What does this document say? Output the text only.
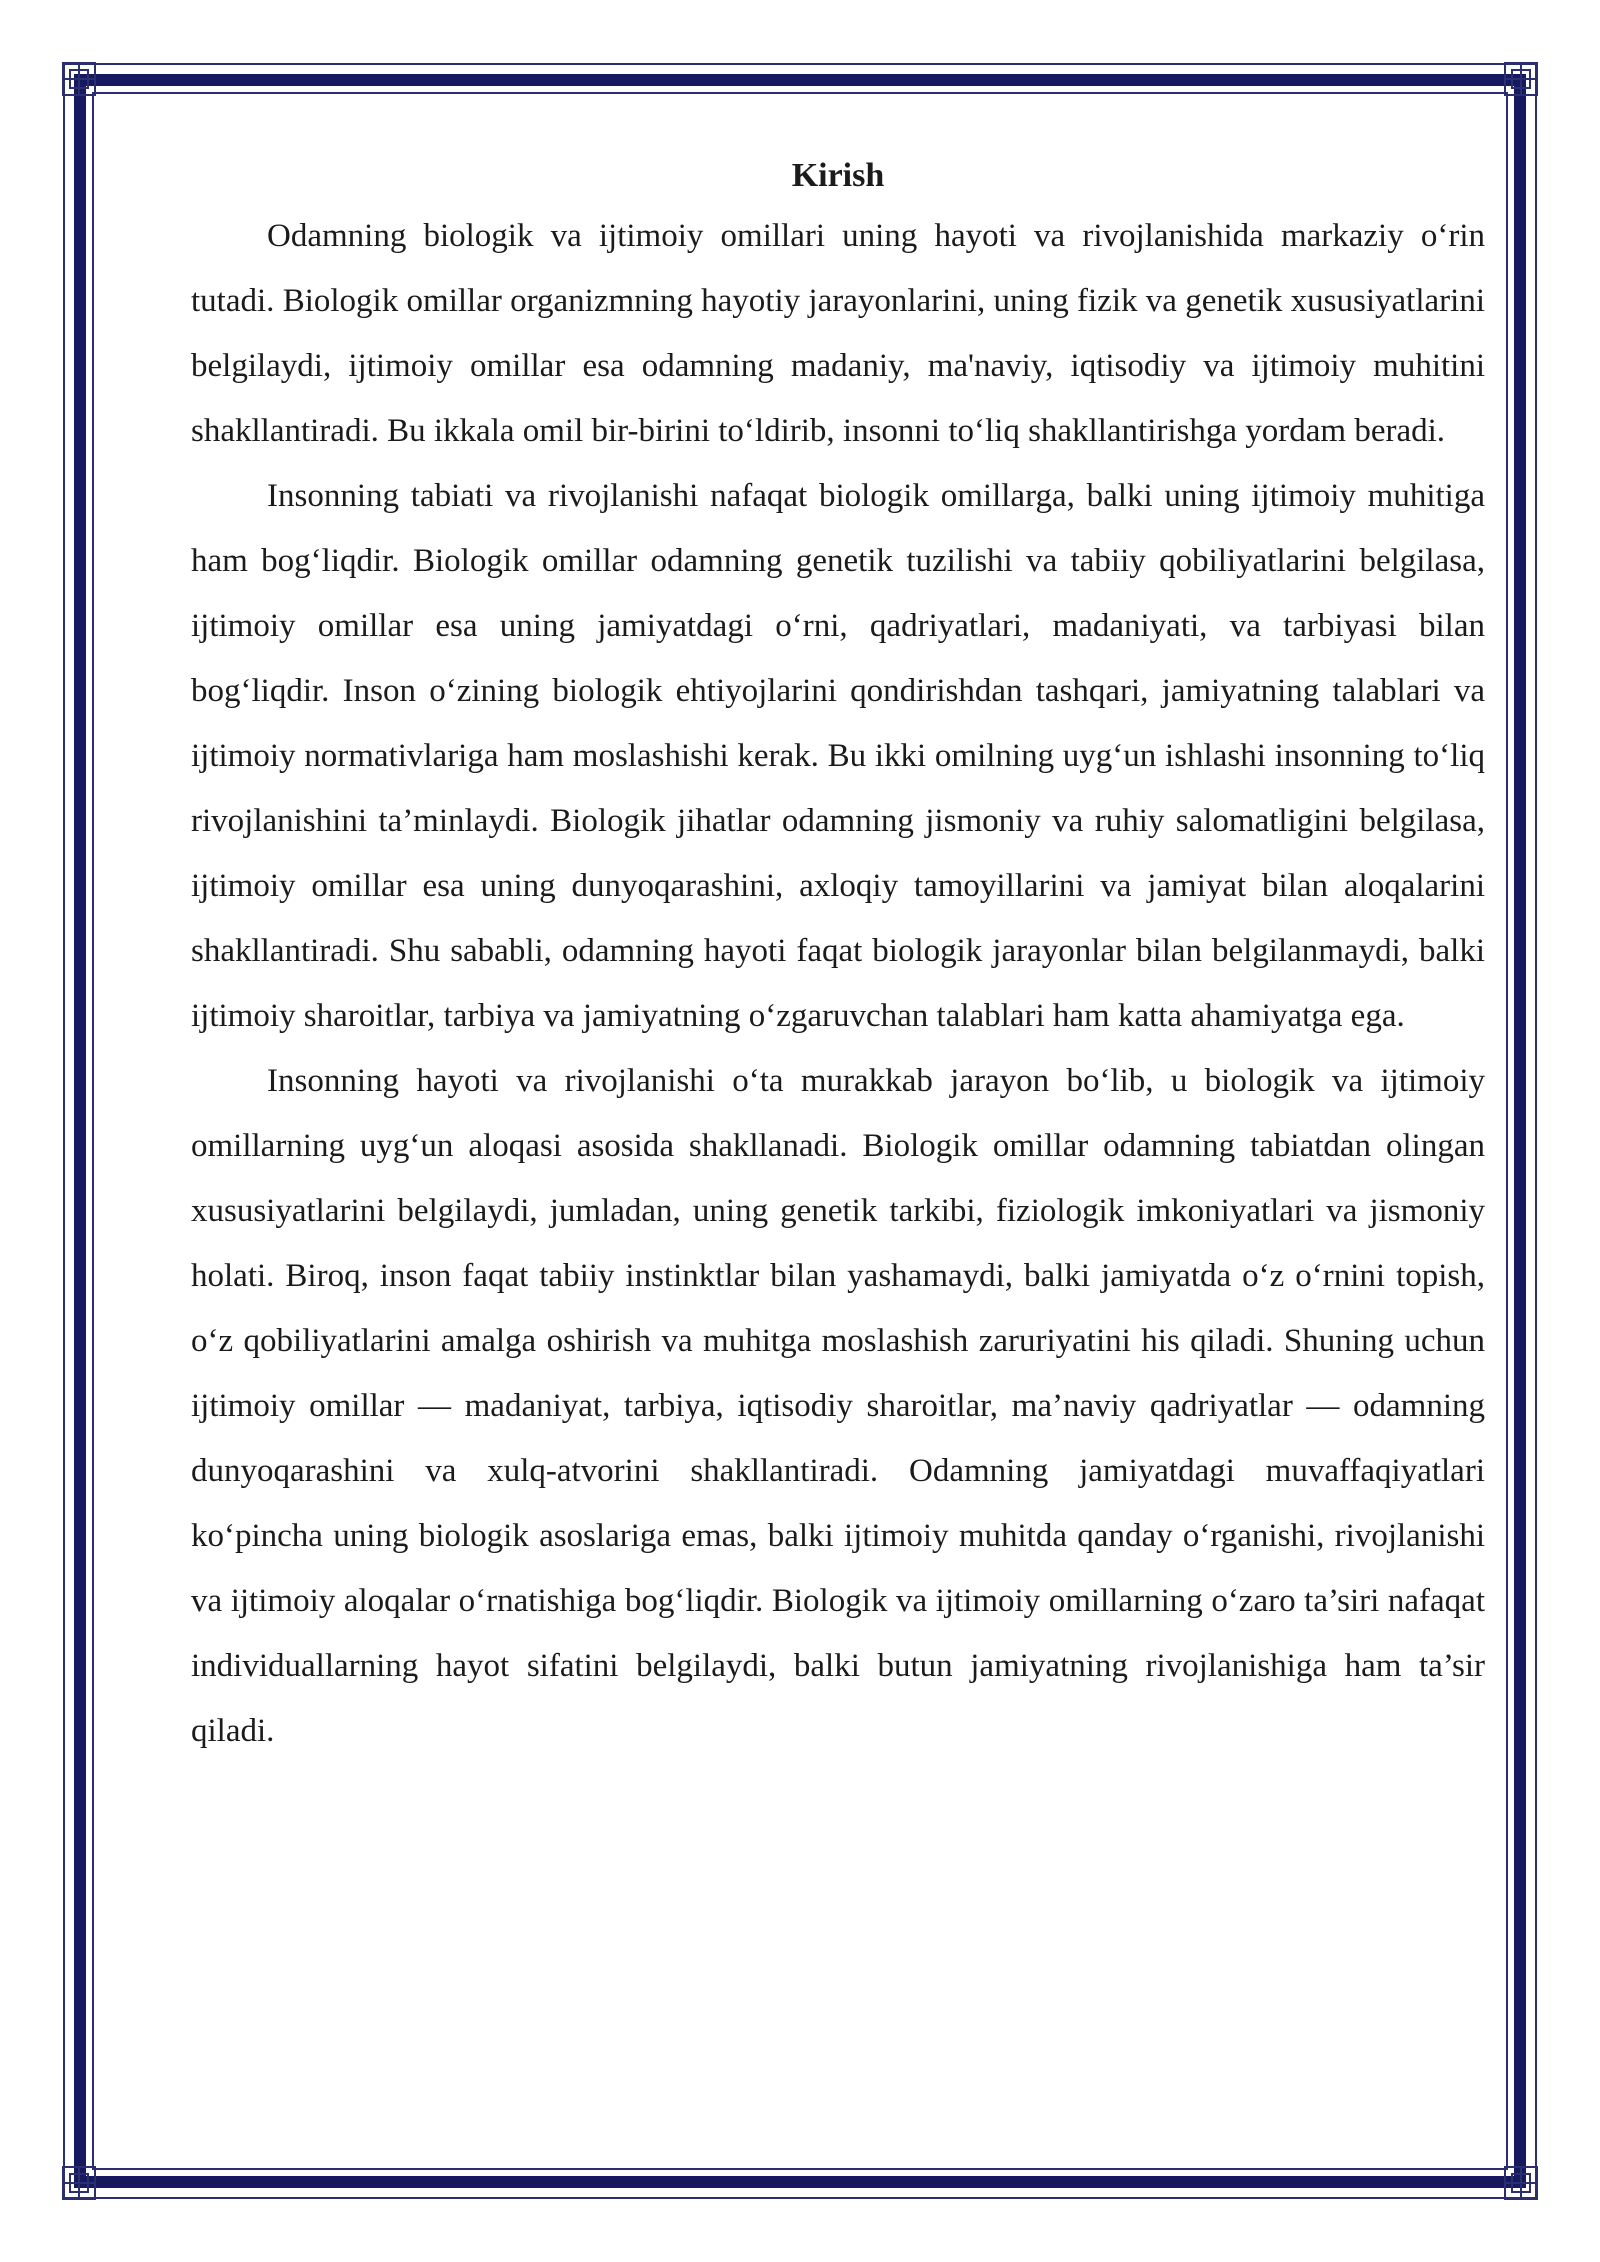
Kirish

Odamning biologik va ijtimoiy omillari uning hayoti va rivojlanishida markaziy o‘rin tutadi. Biologik omillar organizmning hayotiy jarayonlarini, uning fizik va genetik xususiyatlarini belgilaydi, ijtimoiy omillar esa odamning madaniy, ma'naviy, iqtisodiy va ijtimoiy muhitini shakllantiradi. Bu ikkala omil bir-birini to‘ldirib, insonni to‘liq shakllantirishga yordam beradi.

Insonning tabiati va rivojlanishi nafaqat biologik omillarga, balki uning ijtimoiy muhitiga ham bog‘liqdir. Biologik omillar odamning genetik tuzilishi va tabiiy qobiliyatlarini belgilasa, ijtimoiy omillar esa uning jamiyatdagi o‘rni, qadriyatlari, madaniyati, va tarbiyasi bilan bog‘liqdir. Inson o‘zining biologik ehtiyojlarini qondirishdan tashqari, jamiyatning talablari va ijtimoiy normativlariga ham moslashishi kerak. Bu ikki omilning uyg‘un ishlashi insonning to‘liq rivojlanishini ta’minlaydi. Biologik jihatlar odamning jismoniy va ruhiy salomatligini belgilasa, ijtimoiy omillar esa uning dunyoqarashini, axloqiy tamoyillarini va jamiyat bilan aloqalarini shakllantiradi. Shu sababli, odamning hayoti faqat biologik jarayonlar bilan belgilanmaydi, balki ijtimoiy sharoitlar, tarbiya va jamiyatning o‘zgaruvchan talablari ham katta ahamiyatga ega.

Insonning hayoti va rivojlanishi o‘ta murakkab jarayon bo‘lib, u biologik va ijtimoiy omillarning uyg‘un aloqasi asosida shakllanadi. Biologik omillar odamning tabiatdan olingan xususiyatlarini belgilaydi, jumladan, uning genetik tarkibi, fiziologik imkoniyatlari va jismoniy holati. Biroq, inson faqat tabiiy instinktlar bilan yashamaydi, balki jamiyatda o‘z o‘rnini topish, o‘z qobiliyatlarini amalga oshirish va muhitga moslashish zaruriyatini his qiladi. Shuning uchun ijtimoiy omillar — madaniyat, tarbiya, iqtisodiy sharoitlar, ma’naviy qadriyatlar — odamning dunyoqarashini va xulq-atvorini shakllantiradi. Odamning jamiyatdagi muvaffaqiyatlari ko‘pincha uning biologik asoslariga emas, balki ijtimoiy muhitda qanday o‘rganishi, rivojlanishi va ijtimoiy aloqalar o‘rnatishiga bog‘liqdir. Biologik va ijtimoiy omillarning o‘zaro ta’siri nafaqat individuallarning hayot sifatini belgilaydi, balki butun jamiyatning rivojlanishiga ham ta’sir qiladi.
